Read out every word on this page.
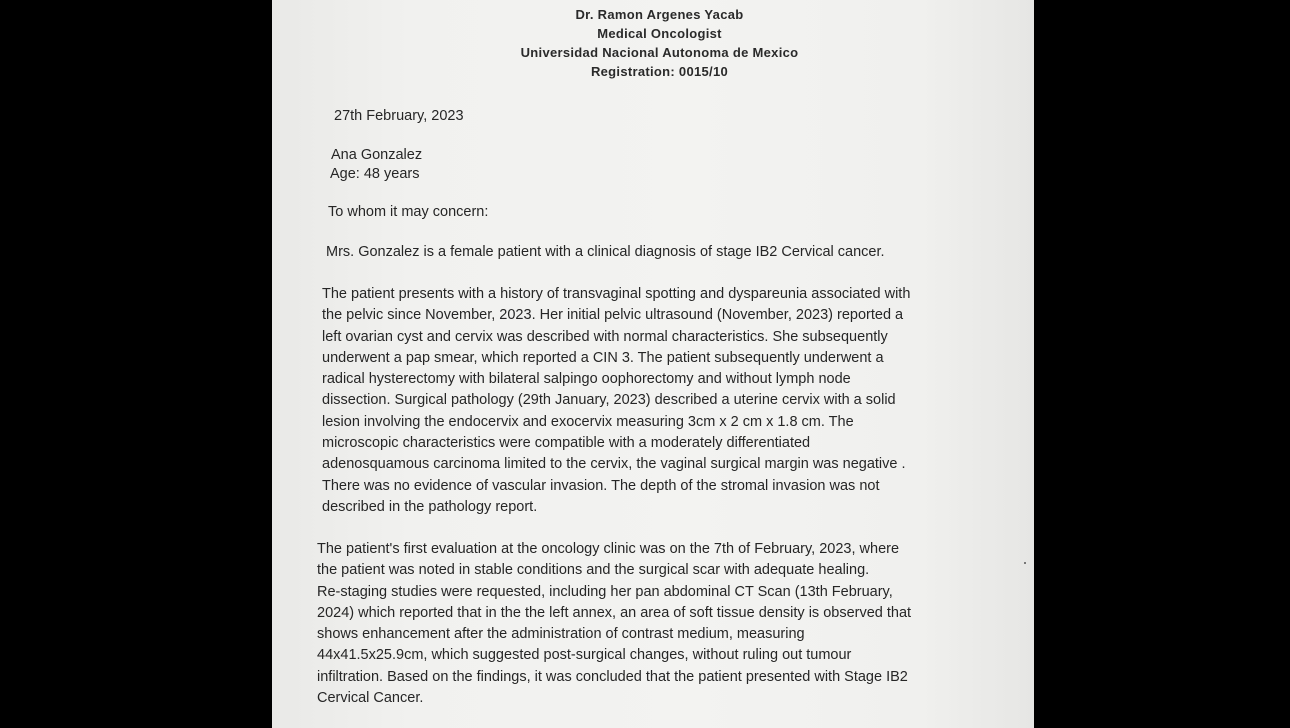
Dr. Ramon Argenes Yacab
Medical Oncologist
Universidad Nacional Autonoma de Mexico
Registration: 0015/10
27th February, 2023
Ana Gonzalez
Age: 48 years
To whom it may concern:
Mrs. Gonzalez is a female patient with a clinical diagnosis of stage IB2 Cervical cancer.

The patient presents with a history of transvaginal spotting and dyspareunia associated with

the pelvic since November, 2023. Her initial pelvic ultrasound (November, 2023) reported a

left ovarian cyst and cervix was described with normal characteristics. She subsequently

underwent a pap smear, which reported a CIN 3. The patient subsequently underwent a

radical hysterectomy with bilateral salpingo oophorectomy and without lymph node

dissection. Surgical pathology (29th January, 2023) described a uterine cervix with a solid

lesion involving the endocervix and exocervix measuring 3cm x 2 cm x 1.8 cm. The

microscopic characteristics were compatible with a moderately differentiated

adenosquamous carcinoma limited to the cervix, the vaginal surgical margin was negative .

There was no evidence of vascular invasion. The depth of the stromal invasion was not

described in the pathology report.

The patient's first evaluation at the oncology clinic was on the 7th of February, 2023, where

the patient was noted in stable conditions and the surgical scar with adequate healing.

Re-staging studies were requested, including her pan abdominal CT Scan (13th February,

2024) which reported that in the the left annex, an area of soft tissue density is observed that

shows enhancement after the administration of contrast medium, measuring

44x41.5x25.9cm, which suggested post-surgical changes, without ruling out tumour

infiltration. Based on the findings, it was concluded that the patient presented with Stage IB2

Cervical Cancer.
